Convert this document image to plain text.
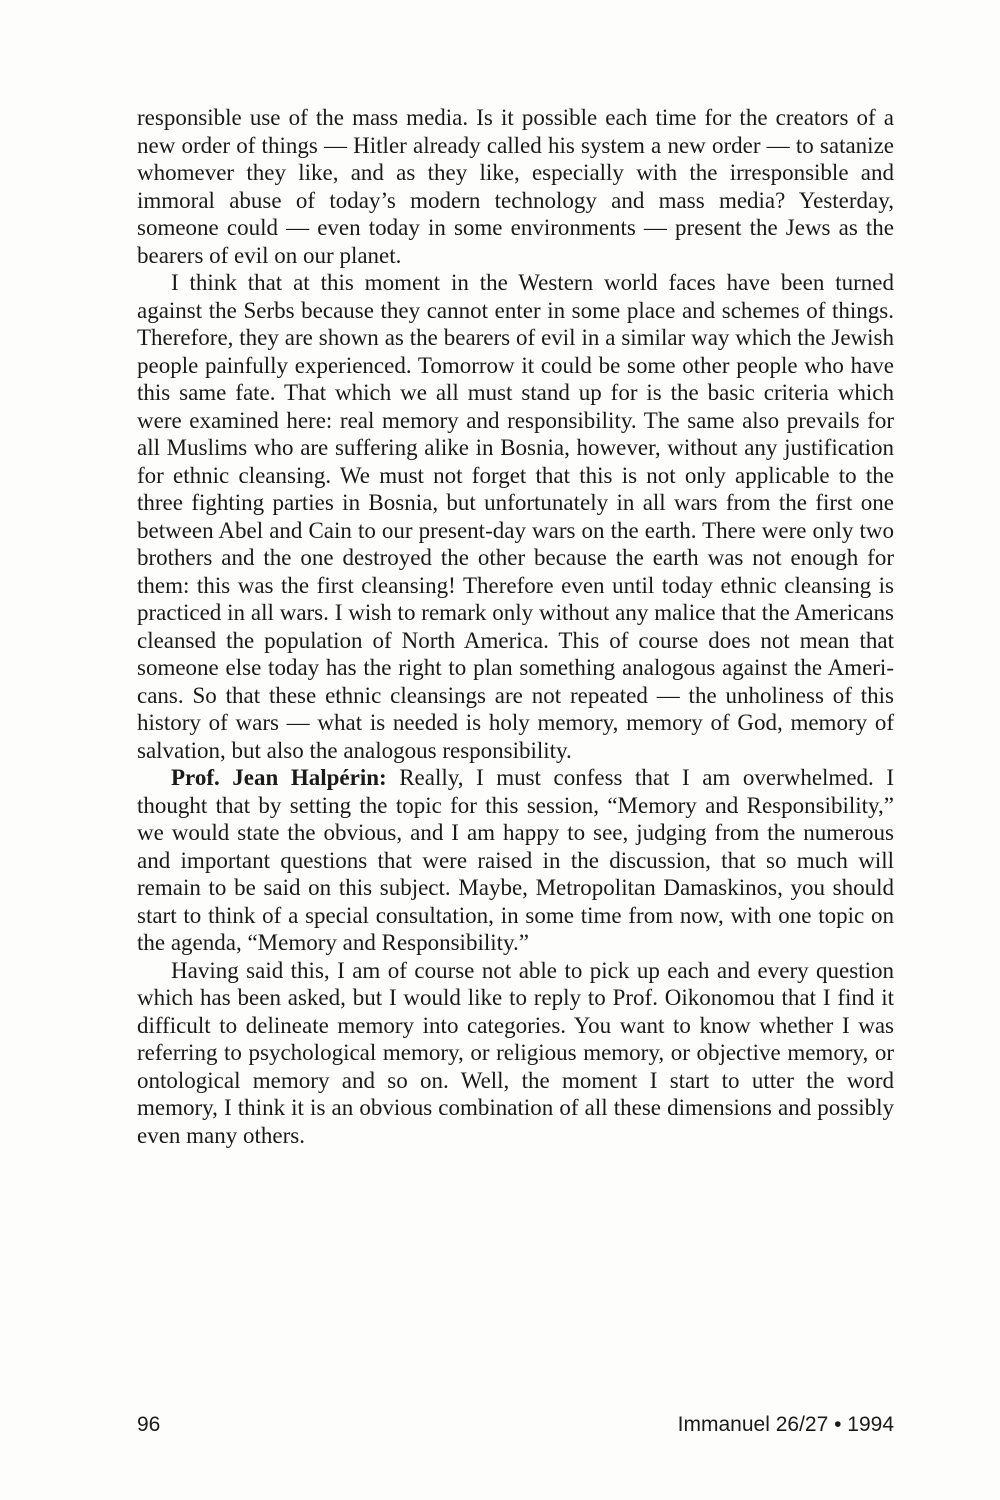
responsible use of the mass media. Is it possible each time for the creators of a new order of things — Hitler already called his system a new order — to satanize whomever they like, and as they like, especially with the irresponsible and immoral abuse of today’s modern technology and mass media? Yesterday, someone could — even today in some environments — present the Jews as the bearers of evil on our planet.

I think that at this moment in the Western world faces have been turned against the Serbs because they cannot enter in some place and schemes of things. Therefore, they are shown as the bearers of evil in a similar way which the Jewish people painfully experienced. Tomorrow it could be some other people who have this same fate. That which we all must stand up for is the basic criteria which were examined here: real memory and responsibility. The same also prevails for all Muslims who are suffering alike in Bosnia, however, without any justification for ethnic cleansing. We must not forget that this is not only applicable to the three fighting parties in Bosnia, but unfortunately in all wars from the first one between Abel and Cain to our present-day wars on the earth. There were only two brothers and the one destroyed the other because the earth was not enough for them: this was the first cleansing! Therefore even until today ethnic cleansing is practiced in all wars. I wish to remark only without any malice that the Americans cleansed the population of North America. This of course does not mean that someone else today has the right to plan something analogous against the Americans. So that these ethnic cleansings are not repeated — the unholiness of this history of wars — what is needed is holy memory, memory of God, memory of salvation, but also the analogous responsibility.

Prof. Jean Halpérin: Really, I must confess that I am overwhelmed. I thought that by setting the topic for this session, “Memory and Responsibility,” we would state the obvious, and I am happy to see, judging from the numerous and important questions that were raised in the discussion, that so much will remain to be said on this subject. Maybe, Metropolitan Damaskinos, you should start to think of a special consultation, in some time from now, with one topic on the agenda, “Memory and Responsibility.”

Having said this, I am of course not able to pick up each and every question which has been asked, but I would like to reply to Prof. Oikonomou that I find it difficult to delineate memory into categories. You want to know whether I was referring to psychological memory, or religious memory, or objective memory, or ontological memory and so on. Well, the moment I start to utter the word memory, I think it is an obvious combination of all these dimensions and possibly even many others.

96	Immanuel 26/27 • 1994
